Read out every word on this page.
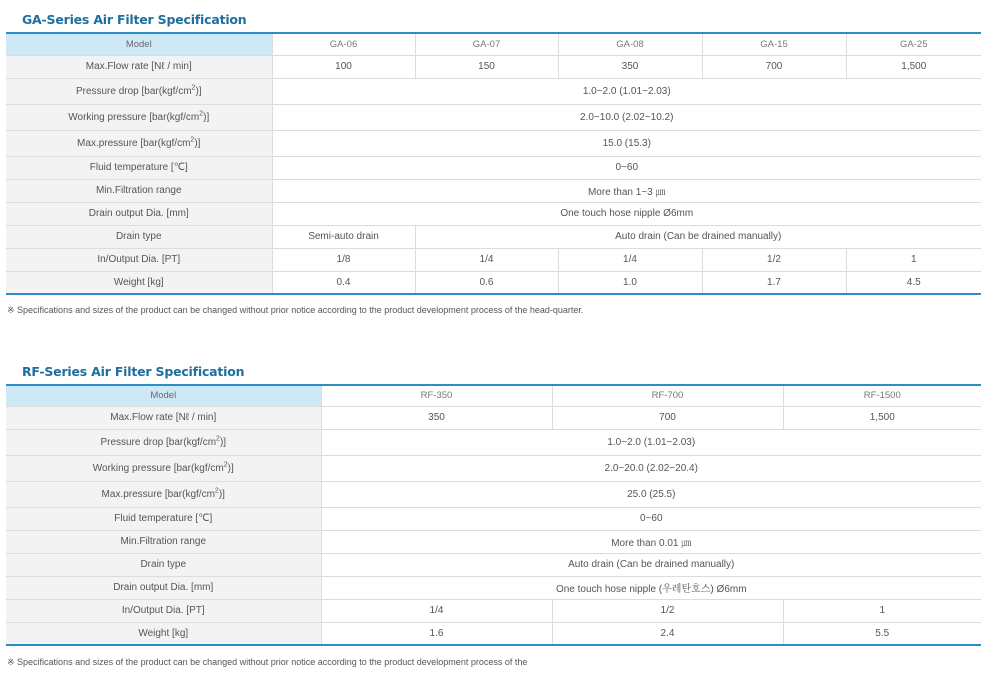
GA-Series Air Filter Specification
Model	GA-06	GA-07	GA-08	GA-15	GA-25
Max.Flow rate [Nℓ / min]	100	150	350	700	1,500
Pressure drop $[bar(kgf/cm^2)]$	1.0~2.0 (1.01~2.03)				
Working pressure $[bar(kgf/cm^2)]$	2.0~10.0 (2.02~10.2)				
Max.pressure $[bar(kgf/cm^2)]$	15.0 (15.3)				
Fluid temperature [℃]	0~60				
Min.Filtration range	More than 1~3 ㎛				
Drain output Dia. [mm]	One touch hose nipple Ø6mm				
Drain type	Semi-auto drain	Auto drain (Can be drained manually)			
In/Output Dia. [PT]	1/8	1/4	1/4	1/2	1
Weight [kg]	0.4	0.6	1.0	1.7	4.5

※ Specifications and sizes of the product can be changed without prior notice according to the product development process of the head-quarter.

RF-Series Air Filter Specification
Model	RF-350	RF-700	RF-1500
Max.Flow rate [Nℓ / min]	350	700	1,500
Pressure drop $[bar(kgf/cm^2)]$	1.0~2.0 (1.01~2.03)		
Working pressure $[bar(kgf/cm^2)]$	2.0~20.0 (2.02~20.4)		
Max.pressure $[bar(kgf/cm^2)]$	25.0 (25.5)		
Fluid temperature [℃]	0~60		
Min.Filtration range	More than 0.01 ㎛		
Drain type	Auto drain (Can be drained manually)		
Drain output Dia. [mm]	One touch hose nipple (우레탄호스) Ø6mm		
In/Output Dia. [PT]	1/4	1/2	1
Weight [kg]	1.6	2.4	5.5

※ Specifications and sizes of the product can be changed without prior notice according to the product development process of the
